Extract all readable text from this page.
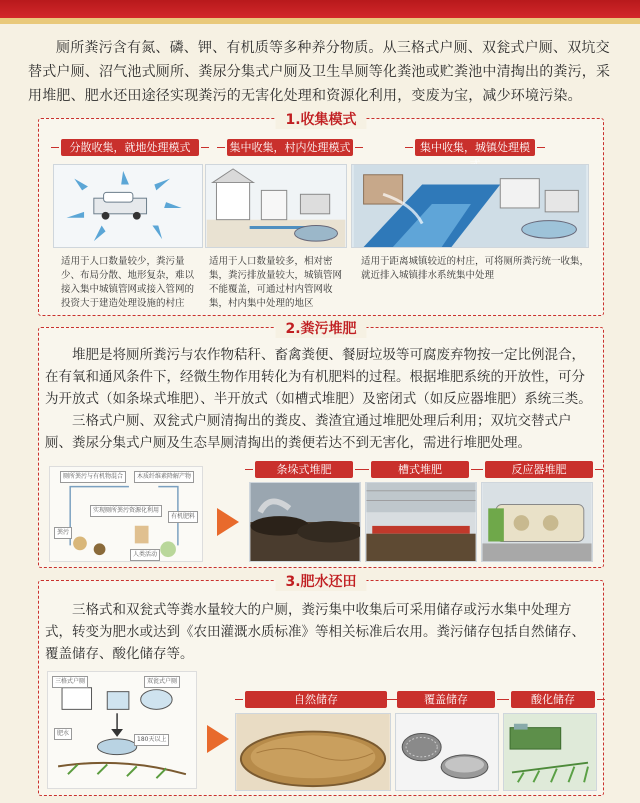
厕所粪污含有氮、磷、钾、有机质等多种养分物质。从三格式户厕、双瓮式户厕、双坑交替式户厕、沼气池式厕所、粪尿分集式户厕及卫生旱厕等化粪池或贮粪池中清掏出的粪污，采用堆肥、肥水还田途径实现粪污的无害化处理和资源化利用，变废为宝，减少环境污染。

1.收集模式
分散收集，就地处理模式	集中收集，村内处理模式	集中收集，城镇处理模
适用于人口数量较少，粪污量少、布局分散、地形复杂，难以接入集中城镇管网或接入管网的投资大于建造处理设施的村庄
适用于人口数量较多，相对密集，粪污排放量较大，城镇管网不能覆盖，可通过村内管网收集，村内集中处理的地区
适用于距离城镇较近的村庄，可将厕所粪污统一收集，就近排入城镇排水系统集中处理
2.粪污堆肥

堆肥是将厕所粪污与农作物秸秆、畜禽粪便、餐厨垃圾等可腐废弃物按一定比例混合，在有氧和通风条件下，经微生物作用转化为有机肥料的过程。根据堆肥系统的开放性，可分为开放式（如条垛式堆肥）、半开放式（如槽式堆肥）及密闭式（如反应器堆肥）系统三类。

三格式户厕、双瓮式户厕清掏出的粪皮、粪渣宜通过堆肥处理后利用；双坑交替式户厕、粪尿分集式户厕及生态旱厕清掏出的粪便若达不到无害化，需进行堆肥处理。

厕所粪污与有机物混合	木质纤维素降解产物
实现厕所粪污资源化利用
有机肥料
人类活动
粪污
条垛式堆肥	槽式堆肥	反应器堆肥
3.肥水还田

三格式和双瓮式等粪水量较大的户厕，粪污集中收集后可采用储存或污水集中处理方式，转变为肥水或达到《农田灌溉水质标准》等相关标准后农用。粪污储存包括自然储存、覆盖储存、酸化储存等。

三格式户厕	双瓮式户厕
肥水
180天以上
自然储存	覆盖储存	酸化储存
